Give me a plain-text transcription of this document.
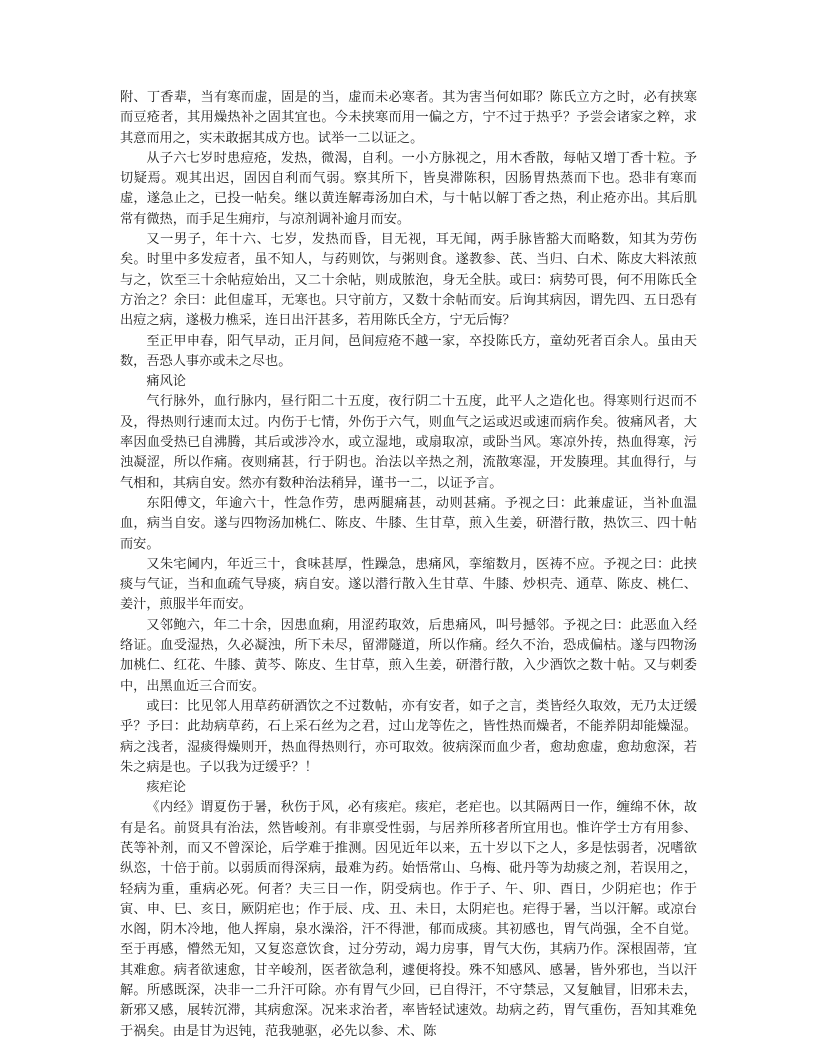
附、丁香辈，当有寒而虚，固是的当，虚而未必寒者。其为害当何如耶？陈氏立方之时，必有挟寒而豆疮者，其用燥热补之固其宜也。今未挟寒而用一偏之方，宁不过于热乎？予尝会诸家之粹，求其意而用之，实未敢据其成方也。试举一二以证之。

从子六七岁时患痘疮，发热，微渴，自利。一小方脉视之，用木香散，每帖又增丁香十粒。予切疑焉。观其出迟，固因自利而气弱。察其所下，皆臭滞陈积，因肠胃热蒸而下也。恐非有寒而虚，遂急止之，已投一帖矣。继以黄连解毒汤加白术，与十帖以解丁香之热，利止疮亦出。其后肌常有微热，而手足生痈疖，与凉剂调补逾月而安。

又一男子，年十六、七岁，发热而昏，目无视，耳无闻，两手脉皆豁大而略数，知其为劳伤矣。时里中多发痘者，虽不知人，与药则饮，与粥则食。遂教参、芪、当归、白术、陈皮大料浓煎与之，饮至三十余帖痘始出，又二十余帖，则成脓泡，身无全肤。或曰：病势可畏，何不用陈氏全方治之？余曰：此但虚耳，无寒也。只守前方，又数十余帖而安。后询其病因，谓先四、五日恐有出痘之病，遂极力樵采，连日出汗甚多，若用陈氏全方，宁无后悔？

至正甲申春，阳气早动，正月间，邑间痘疮不越一家，卒投陈氏方，童幼死者百余人。虽由天数，吾恐人事亦或未之尽也。

痛风论

气行脉外，血行脉内，昼行阳二十五度，夜行阴二十五度，此平人之造化也。得寒则行迟而不及，得热则行速而太过。内伤于七情，外伤于六气，则血气之运或迟或速而病作矣。彼痛风者，大率因血受热已自沸腾，其后或涉冷水，或立湿地，或扇取凉，或卧当风。寒凉外抟，热血得寒，污浊凝涩，所以作痛。夜则痛甚，行于阴也。治法以辛热之剂，流散寒湿，开发腠理。其血得行，与气相和，其病自安。然亦有数种治法稍异，谨书一二，以证予言。

东阳傅文，年逾六十，性急作劳，患两腿痛甚，动则甚痛。予视之曰：此兼虚证，当补血温血，病当自安。遂与四物汤加桃仁、陈皮、牛膝、生甘草，煎入生姜，研潜行散，热饮三、四十帖而安。

又朱宅阃内，年近三十，食味甚厚，性躁急，患痛风，挛缩数月，医祷不应。予视之曰：此挟痰与气证，当和血疏气导痰，病自安。遂以潜行散入生甘草、牛膝、炒枳壳、通草、陈皮、桃仁、姜汁，煎服半年而安。

又邻鲍六，年二十余，因患血痢，用涩药取效，后患痛风，叫号撼邻。予视之曰：此恶血入经络证。血受湿热，久必凝浊，所下未尽，留滞隧道，所以作痛。经久不治，恐成偏枯。遂与四物汤加桃仁、红花、牛膝、黄芩、陈皮、生甘草，煎入生姜，研潜行散，入少酒饮之数十帖。又与刺委中，出黑血近三合而安。

或曰：比见邻人用草药研酒饮之不过数帖，亦有安者，如子之言，类皆经久取效，无乃太迂缓乎？予曰：此劫病草药，石上采石丝为之君，过山龙等佐之，皆性热而燥者，不能养阴却能燥湿。病之浅者，湿痰得燥则开，热血得热则行，亦可取效。彼病深而血少者，愈劫愈虚，愈劫愈深，若朱之病是也。子以我为迂缓乎？！

痎疟论

《内经》谓夏伤于暑，秋伤于风，必有痎疟。痎疟，老疟也。以其隔两日一作，缠绵不休，故有是名。前贤具有治法，然皆峻剂。有非禀受性弱，与居养所移者所宜用也。惟许学士方有用参、芪等补剂，而又不曾深论，后学难于推测。因见近年以来，五十岁以下之人，多是怯弱者，况嗜欲纵恣，十倍于前。以弱质而得深病，最难为药。始悟常山、乌梅、砒丹等为劫痰之剂，若误用之，轻病为重，重病必死。何者？夫三日一作，阴受病也。作于子、午、卯、酉日，少阴疟也；作于寅、申、巳、亥日，厥阴疟也；作于辰、戌、丑、未日，太阴疟也。疟得于暑，当以汗解。或凉台水阁，阴木冷地，他人挥扇，泉水澡浴，汗不得泄，郁而成痰。其初感也，胃气尚强，全不自觉。至于再感，懵然无知，又复恣意饮食，过分劳动，竭力房事，胃气大伤，其病乃作。深根固蒂，宜其难愈。病者欲速愈，甘辛峻剂，医者欲急利，遽便将投。殊不知感风、感暑，皆外邪也，当以汗解。所感既深，决非一二升汗可除。亦有胃气少回，已自得汗，不守禁忌，又复触冒，旧邪未去，新邪又感，展转沉滞，其病愈深。况来求治者，率皆轻试速效。劫病之药，胃气重伤，吾知其难免于祸矣。由是甘为迟钝，范我驰驱，必先以参、术、陈
